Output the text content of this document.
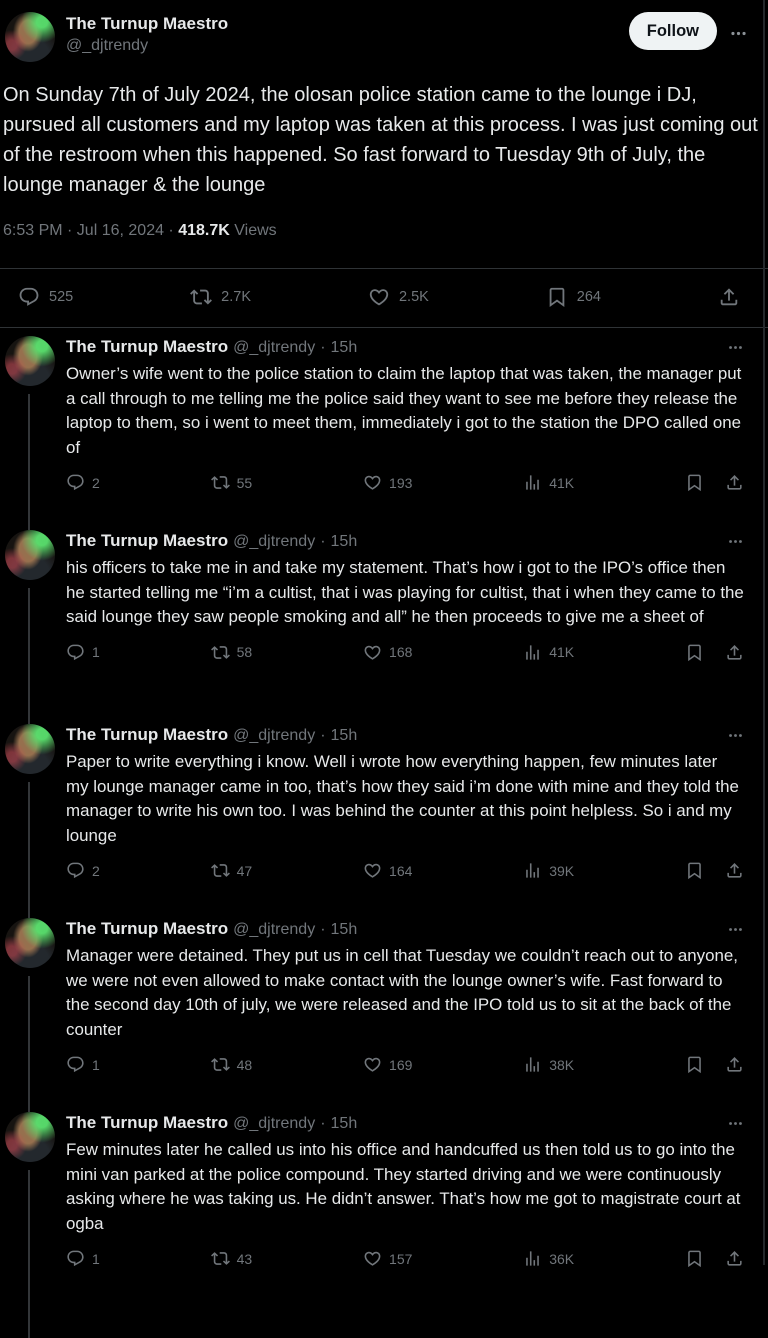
The Turnup Maestro
@_djtrendy
Follow
On Sunday 7th of July 2024, the olosan police station came to the lounge i DJ, pursued all customers and my laptop was taken at this process. I was just coming out of the restroom when this happened. So fast forward to Tuesday 9th of July, the lounge manager & the lounge
6:53 PM · Jul 16, 2024 · 418.7K Views
525	2.7K	2.5K	264
The Turnup Maestro @_djtrendy · 15h
Owner’s wife went to the police station to claim the laptop that was taken, the manager put a call through to me telling me the police said they want to see me before they release the laptop to them, so i went to meet them, immediately i got to the station the DPO called one of
2	55	193	41K
The Turnup Maestro @_djtrendy · 15h
his officers to take me in and take my statement. That’s how i got to the IPO’s office then he started telling me “i’m a cultist, that i was playing for cultist, that i when they came to the said lounge they saw people smoking and all” he then proceeds to give me a sheet of
1	58	168	41K
The Turnup Maestro @_djtrendy · 15h
Paper to write everything i know. Well i wrote how everything happen, few minutes later my lounge manager came in too, that’s how they said i’m done with mine and they told the manager to write his own too. I was behind the counter at this point helpless. So i and my lounge
2	47	164	39K
The Turnup Maestro @_djtrendy · 15h
Manager were detained. They put us in cell that Tuesday we couldn’t reach out to anyone, we were not even allowed to make contact with the lounge owner’s wife. Fast forward to the second day 10th of july, we were released and the IPO told us to sit at the back of the counter
1	48	169	38K
The Turnup Maestro @_djtrendy · 15h
Few minutes later he called us into his office and handcuffed us then told us to go into the mini van parked at the police compound. They started driving and we were continuously asking where he was taking us. He didn’t answer. That’s how me got to magistrate court at ogba
1	43	157	36K
